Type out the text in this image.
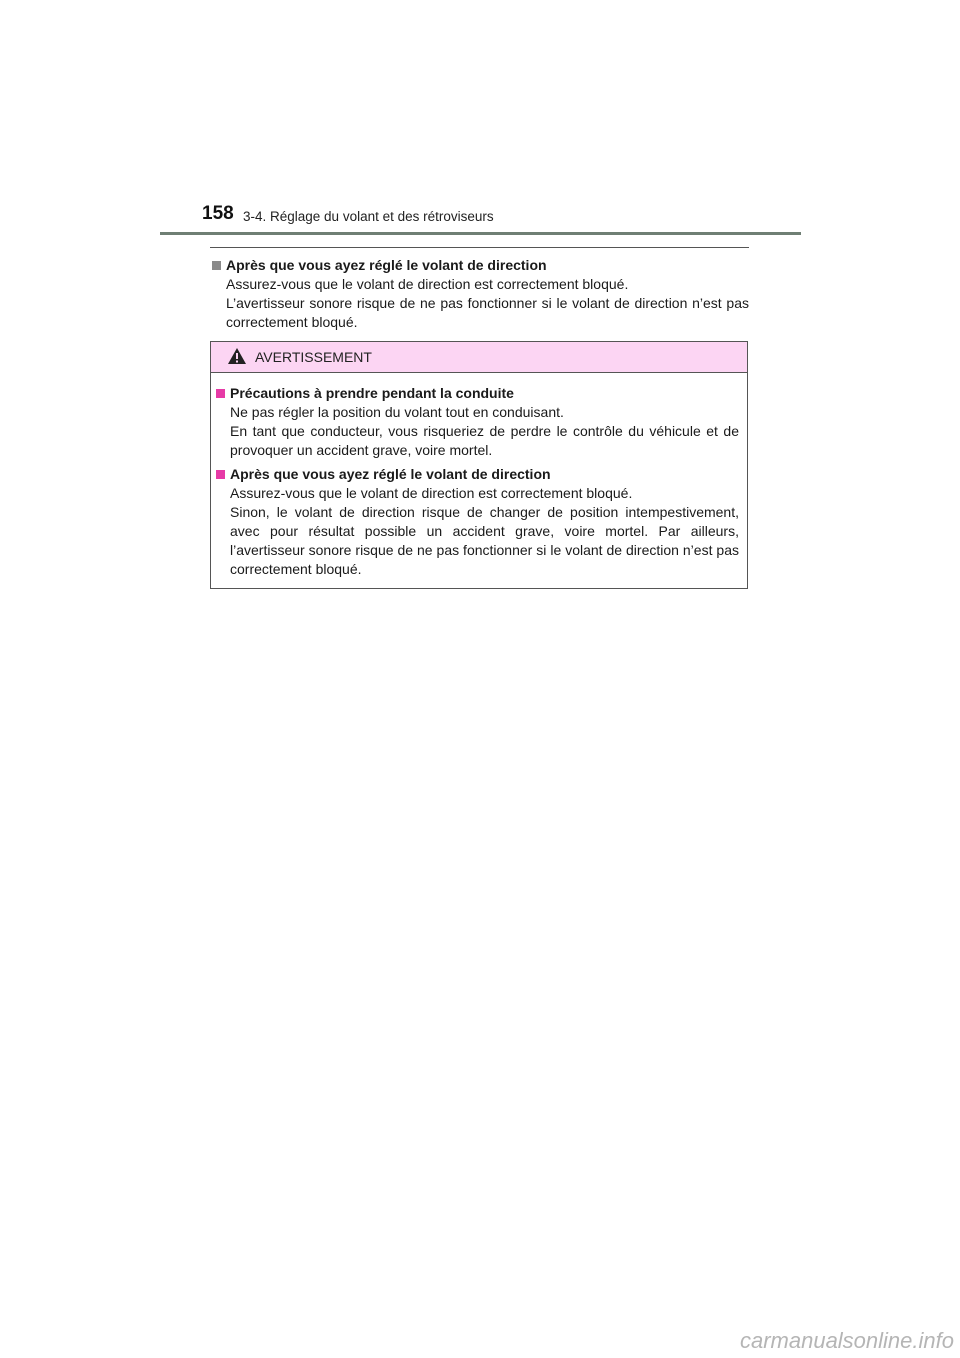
158 3-4. Réglage du volant et des rétroviseurs
Après que vous ayez réglé le volant de direction
Assurez-vous que le volant de direction est correctement bloqué.
L’avertisseur sonore risque de ne pas fonctionner si le volant de direction n’est pas correctement bloqué.
AVERTISSEMENT
Précautions à prendre pendant la conduite
Ne pas régler la position du volant tout en conduisant.
En tant que conducteur, vous risqueriez de perdre le contrôle du véhicule et de provoquer un accident grave, voire mortel.
Après que vous ayez réglé le volant de direction
Assurez-vous que le volant de direction est correctement bloqué.
Sinon, le volant de direction risque de changer de position intempestivement, avec pour résultat possible un accident grave, voire mortel. Par ailleurs, l’avertisseur sonore risque de ne pas fonctionner si le volant de direction n’est pas correctement bloqué.
carmanualsonline.info
